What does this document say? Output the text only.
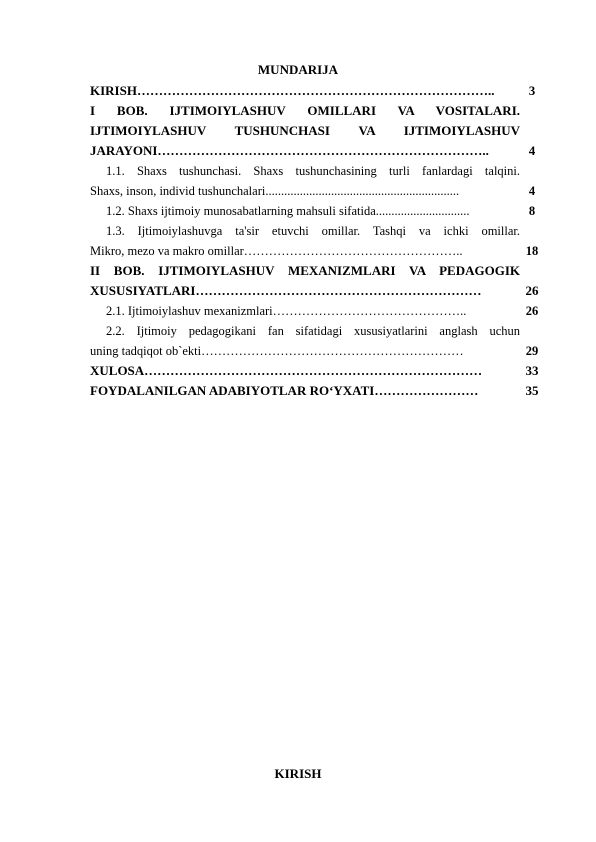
MUNDARIJA
KIRISH………………………………………………………………………..	3
I BOB. IJTIMOIYLASHUV OMILLARI VA VOSITALARI.
IJTIMOIYLASHUV TUSHUNCHASI VA IJTIMOIYLASHUV
JARAYONI…………………………………………………………………..	4
1.1. Shaxs tushunchasi. Shaxs tushunchasining turli fanlardagi talqini.
Shaxs, inson, individ tushunchalari..............................................................	4
1.2. Shaxs ijtimoiy munosabatlarning mahsuli sifatida..............................	8
1.3. Ijtimoiylashuvga ta'sir etuvchi omillar. Tashqi va ichki omillar.
Mikro, mezo va makro omillar……………………………………………..	18
II BOB. IJTIMOIYLASHUV MEXANIZMLARI VA PEDAGOGIK
XUSUSIYATLARI…………………………………………………………	26
2.1. Ijtimoiylashuv mexanizmlari………………………………………..	26
2.2. Ijtimoiy pedagogikani fan sifatidagi xususiyatlarini anglash uchun
uning tadqiqot ob`ekti………………………………………………………	29
XULOSA……………………………………………………………………	33
FOYDALANILGAN ADABIYOTLAR RO‘YXATI……………………	35
KIRISH
